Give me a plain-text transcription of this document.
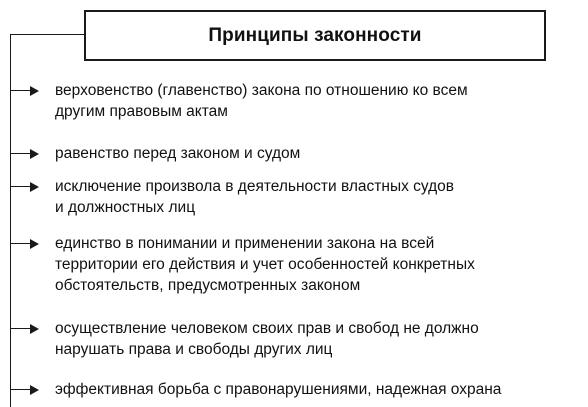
Принципы законности
верховенство (главенство) закона по отношению ко всем
другим правовым актам
равенство перед законом и судом
исключение произвола в деятельности властных судов
и должностных лиц
единство в понимании и применении закона на всей
территории его действия и учет особенностей конкретных
обстоятельств, предусмотренных законом
осуществление человеком своих прав и свобод не должно
нарушать права и свободы других лиц
эффективная борьба с правонарушениями, надежная охрана
